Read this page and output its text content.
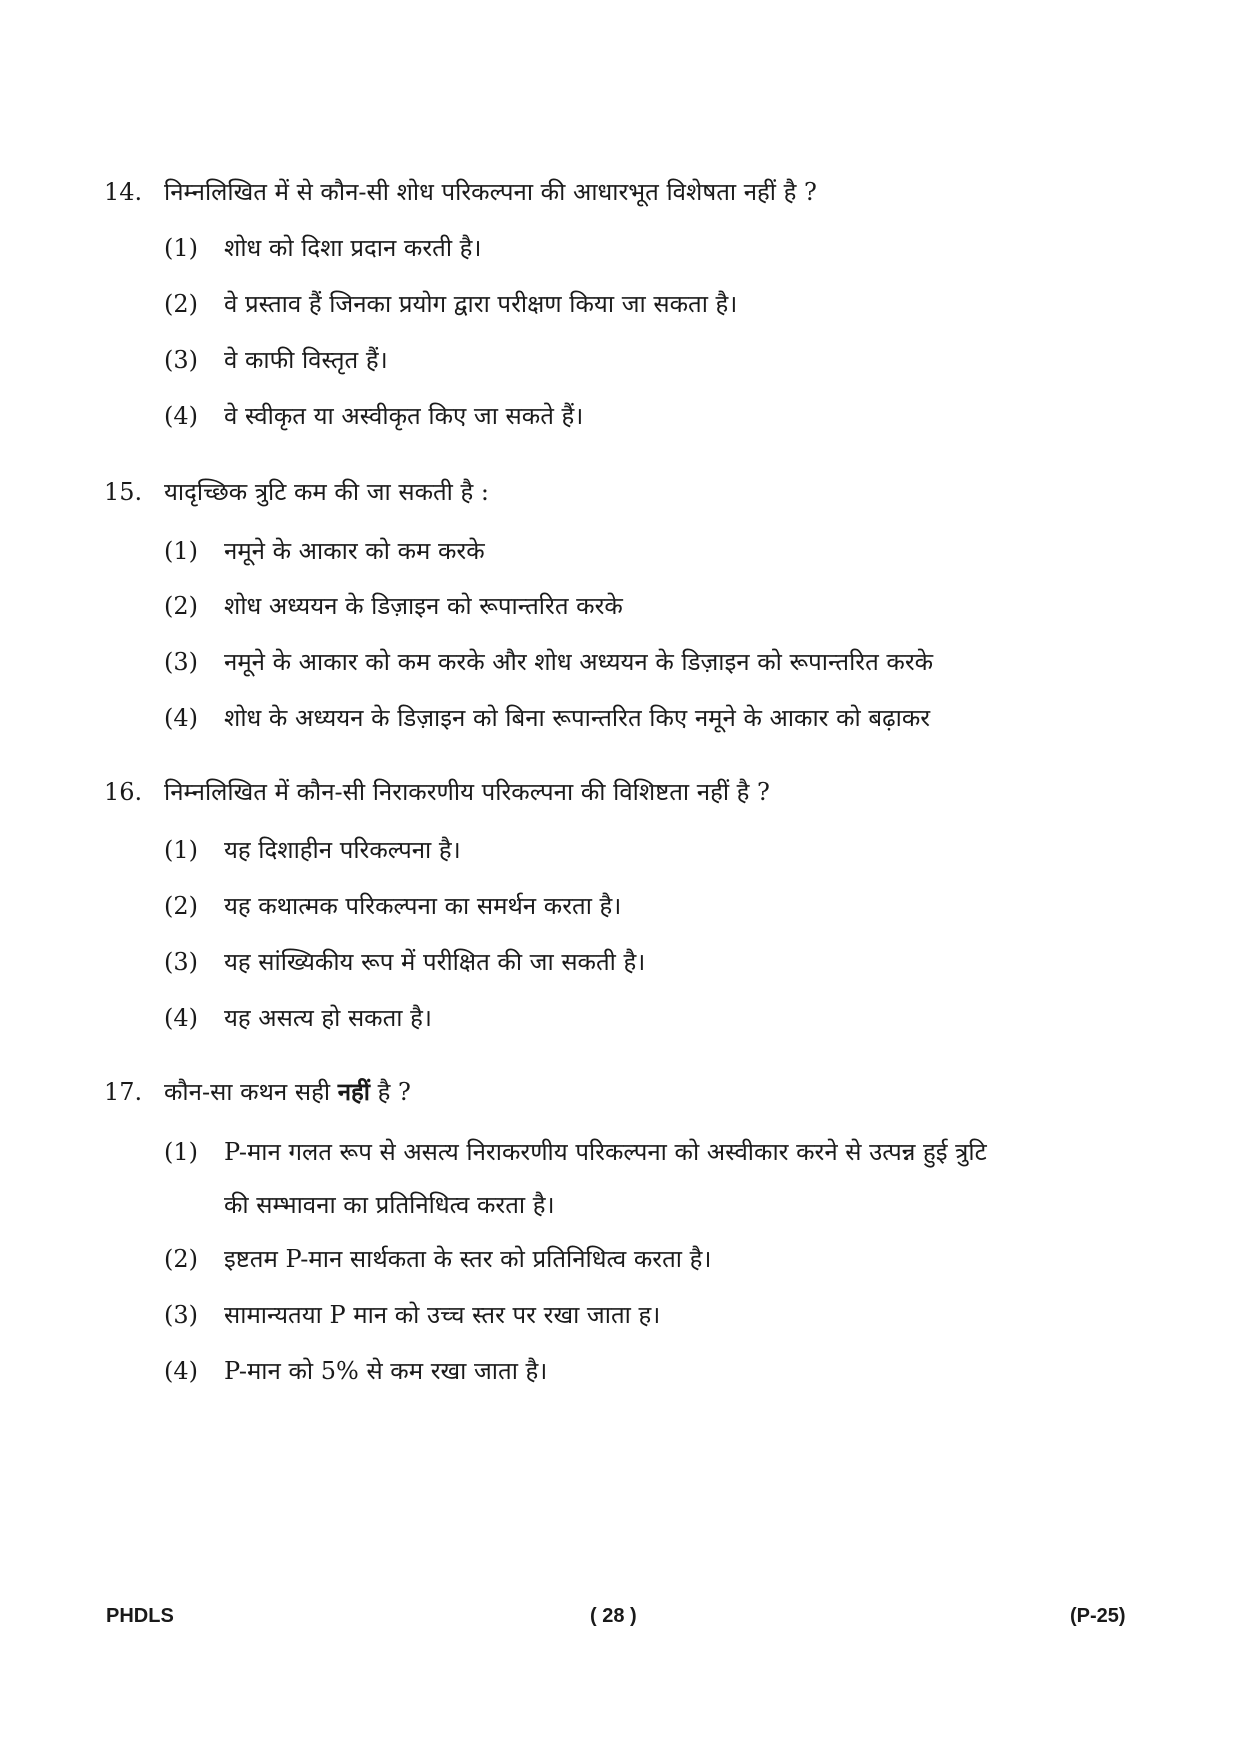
14. निम्नलिखित में से कौन-सी शोध परिकल्पना की आधारभूत विशेषता नहीं है ?
(1) शोध को दिशा प्रदान करती है।
(2) वे प्रस्ताव हैं जिनका प्रयोग द्वारा परीक्षण किया जा सकता है।
(3) वे काफी विस्तृत हैं।
(4) वे स्वीकृत या अस्वीकृत किए जा सकते हैं।
15. यादृच्छिक त्रुटि कम की जा सकती है :
(1) नमूने के आकार को कम करके
(2) शोध अध्ययन के डिज़ाइन को रूपान्तरित करके
(3) नमूने के आकार को कम करके और शोध अध्ययन के डिज़ाइन को रूपान्तरित करके
(4) शोध के अध्ययन के डिज़ाइन को बिना रूपान्तरित किए नमूने के आकार को बढ़ाकर
16. निम्नलिखित में कौन-सी निराकरणीय परिकल्पना की विशिष्टता नहीं है ?
(1) यह दिशाहीन परिकल्पना है।
(2) यह कथात्मक परिकल्पना का समर्थन करता है।
(3) यह सांख्यिकीय रूप में परीक्षित की जा सकती है।
(4) यह असत्य हो सकता है।
17. कौन-सा कथन सही नहीं है ?
(1) P-मान गलत रूप से असत्य निराकरणीय परिकल्पना को अस्वीकार करने से उत्पन्न हुई त्रुटि
की सम्भावना का प्रतिनिधित्व करता है।
(2) इष्टतम P-मान सार्थकता के स्तर को प्रतिनिधित्व करता है।
(3) सामान्यतया P मान को उच्च स्तर पर रखा जाता ह।
(4) P-मान को 5% से कम रखा जाता है।
PHDLS	( 28 )	(P-25)
